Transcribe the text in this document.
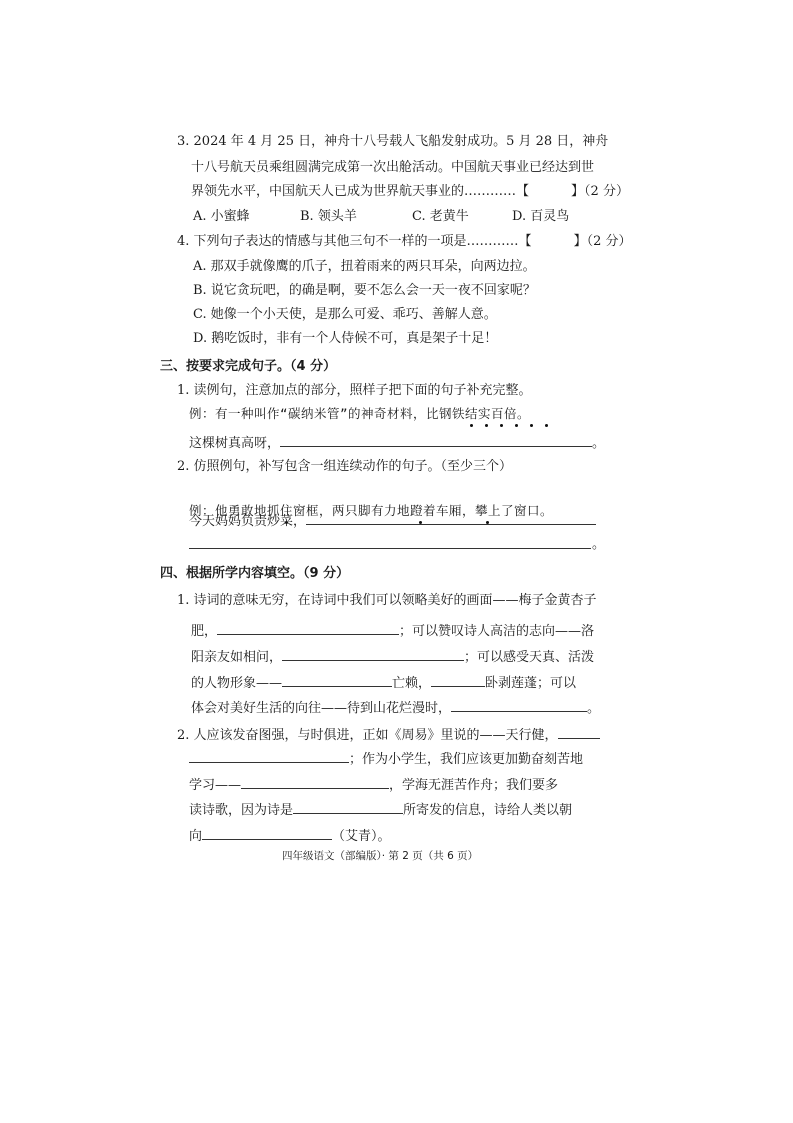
3. 2024 年 4 月 25 日，神舟十八号载人飞船发射成功。5 月 28 日，神舟
十八号航天员乘组圆满完成第一次出舱活动。中国航天事业已经达到世
界领先水平，中国航天人已成为世界航天事业的…………【	】（2 分）
A. 小蜜蜂	B. 领头羊	C. 老黄牛	D. 百灵鸟
4. 下列句子表达的情感与其他三句不一样的一项是…………【	】（2 分）
A. 那双手就像鹰的爪子，扭着雨来的两只耳朵，向两边拉。
B. 说它贪玩吧，的确是啊，要不怎么会一天一夜不回家呢？
C. 她像一个小天使，是那么可爱、乖巧、善解人意。
D. 鹅吃饭时，非有一个人侍候不可，真是架子十足！
三、按要求完成句子。（4 分）
1. 读例句，注意加点的部分，照样子把下面的句子补充完整。
例：有一种叫作“碳纳米管”的神奇材料，比钢铁结实百倍。
这棵树真高呀，	。
2. 仿照例句，补写包含一组连续动作的句子。（至少三个）
例：他勇敢地抓住窗框，两只脚有力地蹬着车厢，攀上了窗口。
今天妈妈负责炒菜，
。
四、根据所学内容填空。（9 分）
1. 诗词的意味无穷，在诗词中我们可以领略美好的画面——梅子金黄杏子
肥，	；可以赞叹诗人高洁的志向——洛
阳亲友如相问，	；可以感受天真、活泼
的人物形象——	亡赖，	卧剥莲蓬；可以
体会对美好生活的向往——待到山花烂漫时，	。
2. 人应该发奋图强，与时俱进，正如《周易》里说的——天行健，
；作为小学生，我们应该更加勤奋刻苦地
学习——	，学海无涯苦作舟；我们要多
读诗歌，因为诗是	所寄发的信息，诗给人类以朝
向	（艾青）。
四年级语文（部编版）· 第 2 页（共 6 页）
